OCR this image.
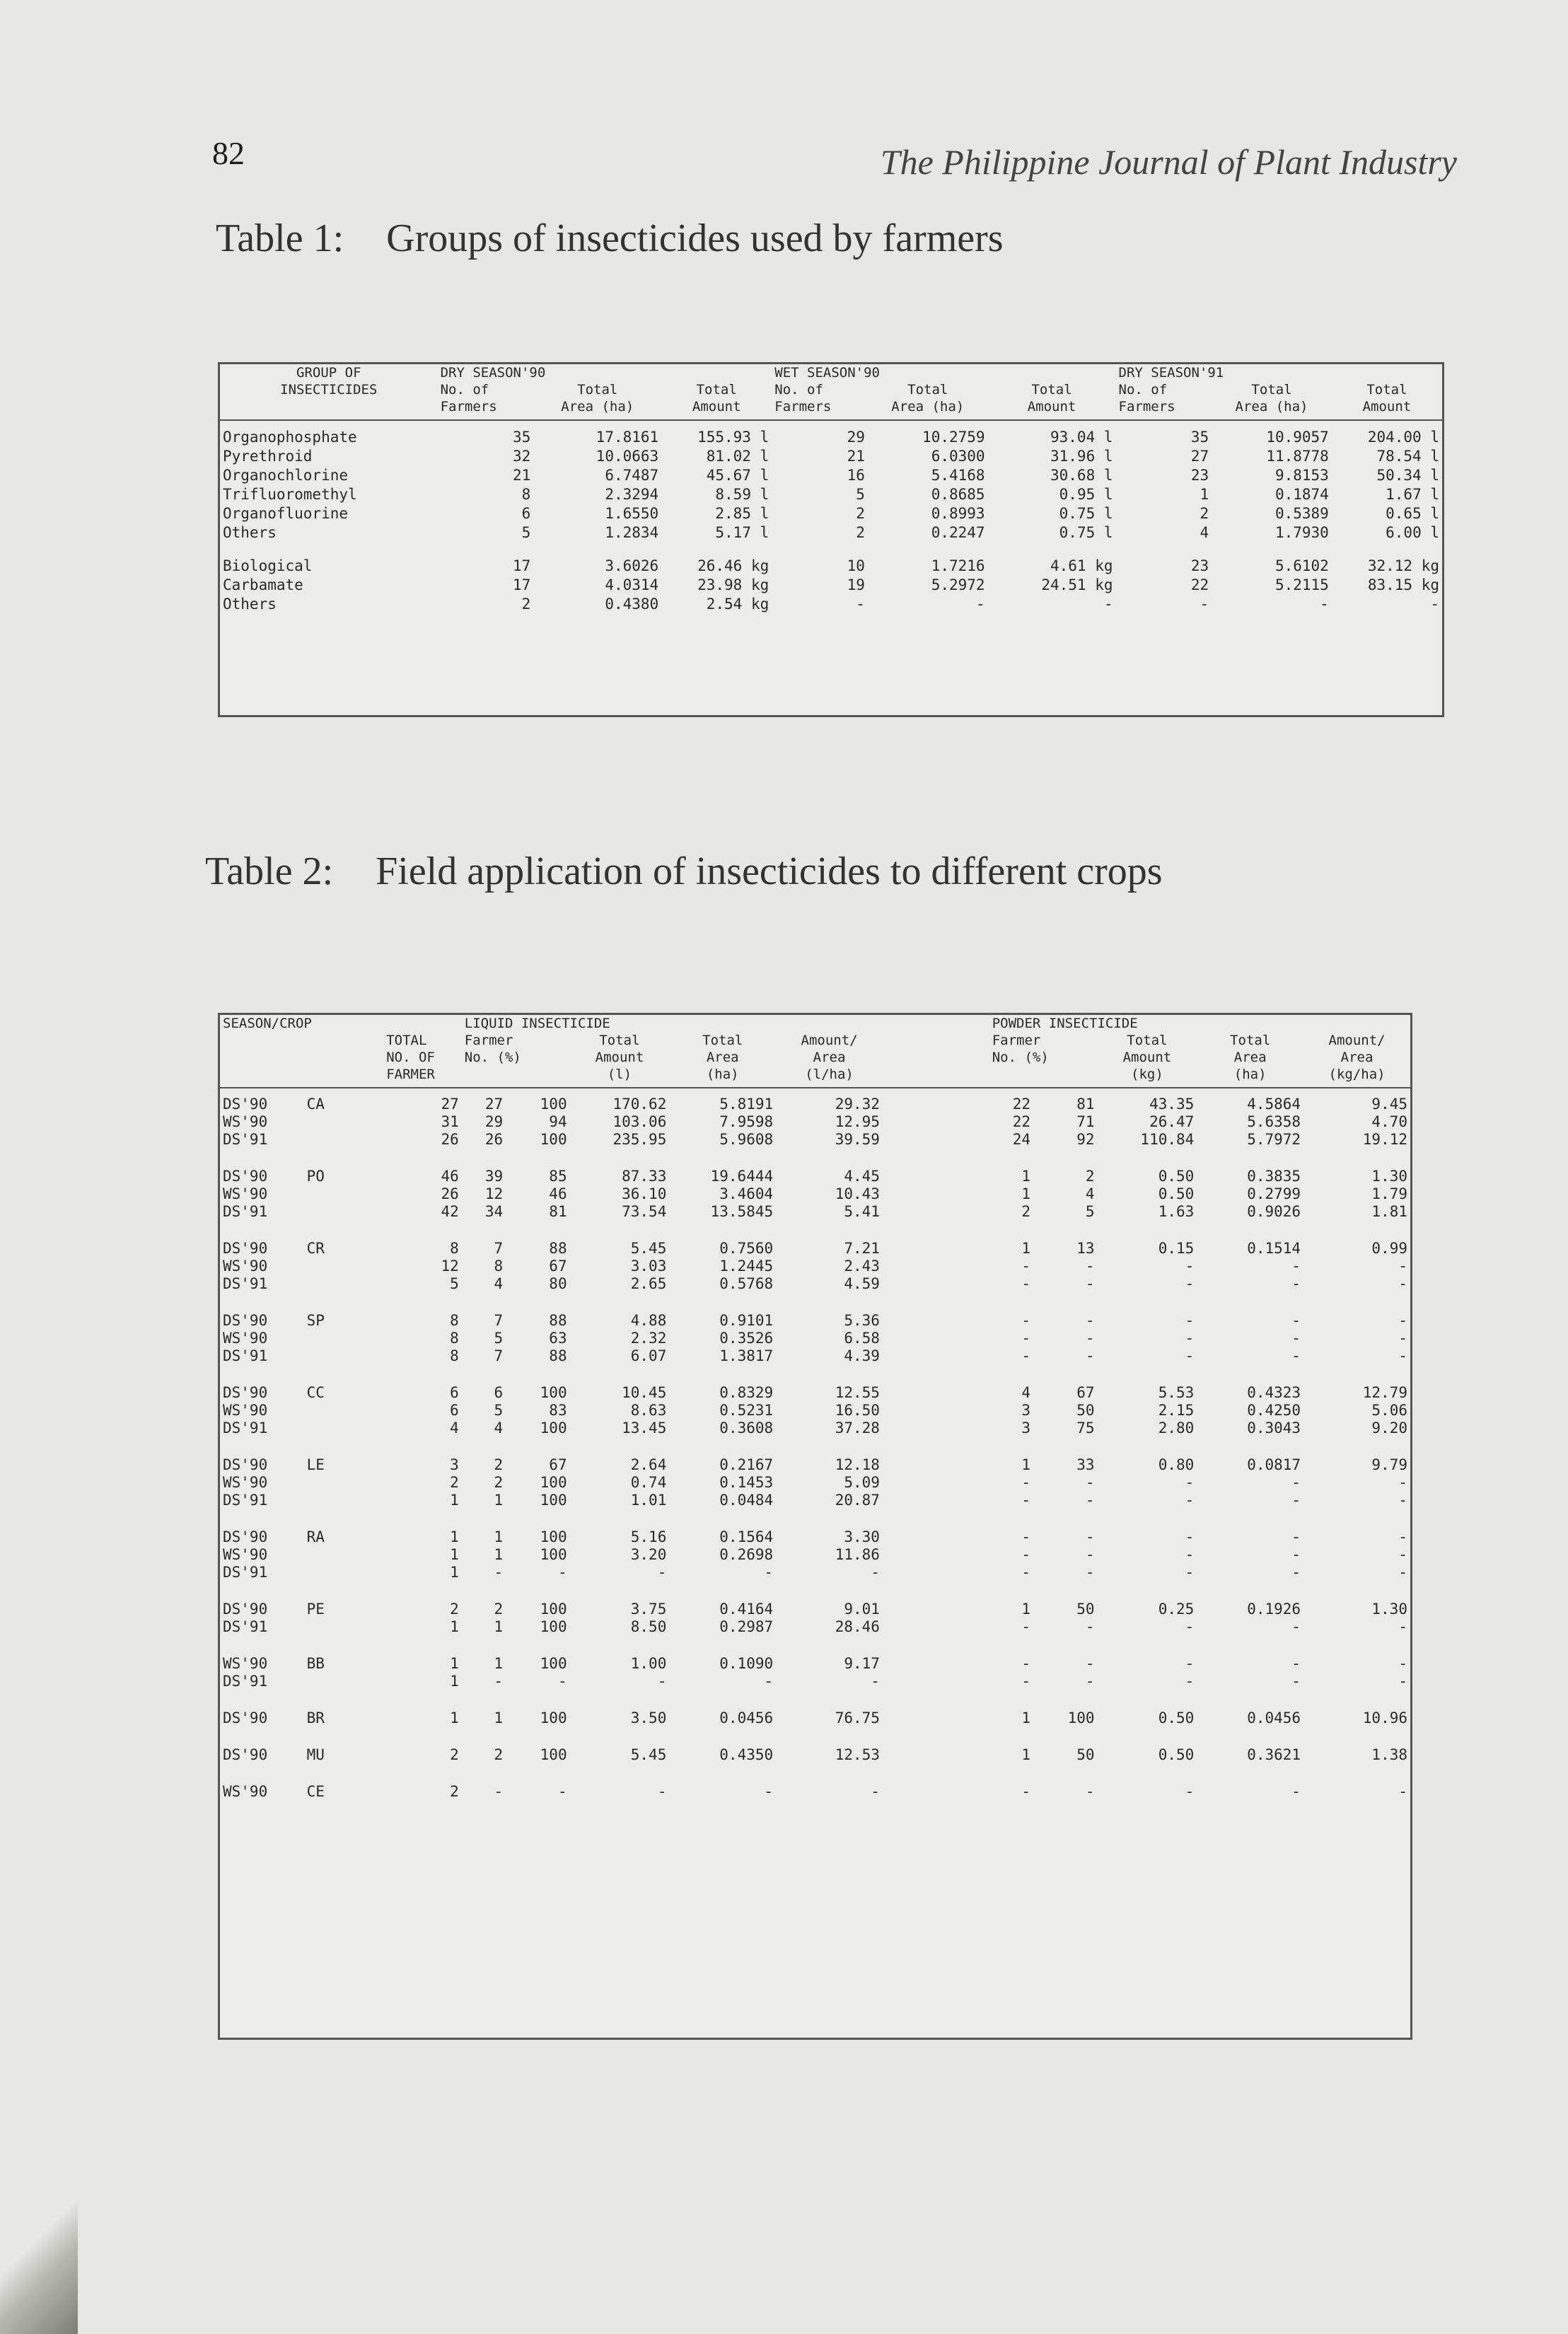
82	The Philippine Journal of Plant Industry
Table 1: Groups of insecticides used by farmers
GROUP OF	DRY SEASON'90			WET SEASON'90			DRY SEASON'91		
INSECTICIDES	No. of	Total	Total	No. of	Total	Total	No. of	Total	Total
	Farmers	Area (ha)	Amount	Farmers	Area (ha)	Amount	Farmers	Area (ha)	Amount
Organophosphate	35	17.8161	155.93 l	29	10.2759	93.04 l	35	10.9057	204.00 l
Pyrethroid	32	10.0663	81.02 l	21	6.0300	31.96 l	27	11.8778	78.54 l
Organochlorine	21	6.7487	45.67 l	16	5.4168	30.68 l	23	9.8153	50.34 l
Trifluoromethyl	8	2.3294	8.59 l	5	0.8685	0.95 l	1	0.1874	1.67 l
Organofluorine	6	1.6550	2.85 l	2	0.8993	0.75 l	2	0.5389	0.65 l
Others	5	1.2834	5.17 l	2	0.2247	0.75 l	4	1.7930	6.00 l

Biological	17	3.6026	26.46 kg	10	1.7216	4.61 kg	23	5.6102	32.12 kg
Carbamate	17	4.0314	23.98 kg	19	5.2972	24.51 kg	22	5.2115	83.15 kg
Others	2	0.4380	2.54 kg	-	-	-	-	-	-
Table 2: Field application of insecticides to different crops
SEASON/CROP			LIQUID INSECTICIDE						POWDER INSECTICIDE				
		TOTAL	Farmer		Total	Total	Amount/		Farmer		Total	Total	Amount/
		NO. OF	No. (%)		Amount	Area	Area		No. (%)		Amount	Area	Area
		FARMER			(l)	(ha)	(l/ha)				(kg)	(ha)	(kg/ha)
DS'90	CA	27	27	100	170.62	5.8191	29.32		22	81	43.35	4.5864	9.45
WS'90		31	29	94	103.06	7.9598	12.95		22	71	26.47	5.6358	4.70
DS'91		26	26	100	235.95	5.9608	39.59		24	92	110.84	5.7972	19.12

DS'90	PO	46	39	85	87.33	19.6444	4.45		1	2	0.50	0.3835	1.30
WS'90		26	12	46	36.10	3.4604	10.43		1	4	0.50	0.2799	1.79
DS'91		42	34	81	73.54	13.5845	5.41		2	5	1.63	0.9026	1.81

DS'90	CR	8	7	88	5.45	0.7560	7.21		1	13	0.15	0.1514	0.99
WS'90		12	8	67	3.03	1.2445	2.43		-	-	-	-	-
DS'91		5	4	80	2.65	0.5768	4.59		-	-	-	-	-

DS'90	SP	8	7	88	4.88	0.9101	5.36		-	-	-	-	-
WS'90		8	5	63	2.32	0.3526	6.58		-	-	-	-	-
DS'91		8	7	88	6.07	1.3817	4.39		-	-	-	-	-

DS'90	CC	6	6	100	10.45	0.8329	12.55		4	67	5.53	0.4323	12.79
WS'90		6	5	83	8.63	0.5231	16.50		3	50	2.15	0.4250	5.06
DS'91		4	4	100	13.45	0.3608	37.28		3	75	2.80	0.3043	9.20

DS'90	LE	3	2	67	2.64	0.2167	12.18		1	33	0.80	0.0817	9.79
WS'90		2	2	100	0.74	0.1453	5.09		-	-	-	-	-
DS'91		1	1	100	1.01	0.0484	20.87		-	-	-	-	-

DS'90	RA	1	1	100	5.16	0.1564	3.30		-	-	-	-	-
WS'90		1	1	100	3.20	0.2698	11.86		-	-	-	-	-
DS'91		1	-	-	-	-	-		-	-	-	-	-

DS'90	PE	2	2	100	3.75	0.4164	9.01		1	50	0.25	0.1926	1.30
DS'91		1	1	100	8.50	0.2987	28.46		-	-	-	-	-

WS'90	BB	1	1	100	1.00	0.1090	9.17		-	-	-	-	-
DS'91		1	-	-	-	-	-		-	-	-	-	-

DS'90	BR	1	1	100	3.50	0.0456	76.75		1	100	0.50	0.0456	10.96

DS'90	MU	2	2	100	5.45	0.4350	12.53		1	50	0.50	0.3621	1.38

WS'90	CE	2	-	-	-	-	-		-	-	-	-	-
